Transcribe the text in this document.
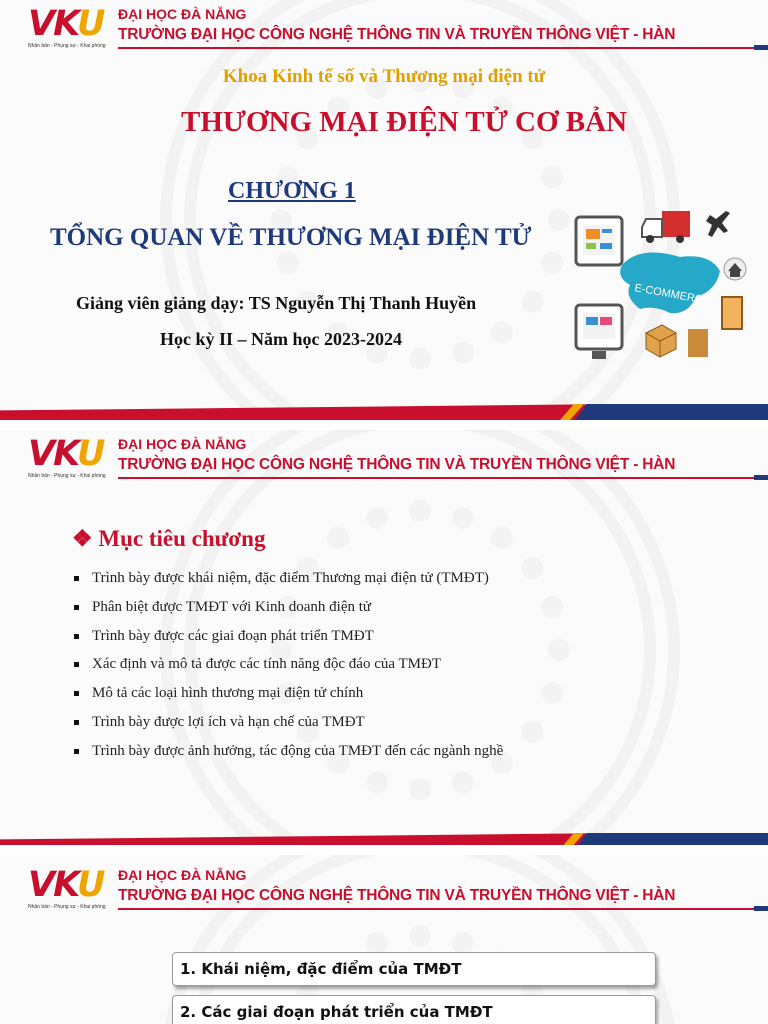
VKU
Nhân bản - Phụng sự - Khai phóng
ĐẠI HỌC ĐÀ NẴNG
TRƯỜNG ĐẠI HỌC CÔNG NGHỆ THÔNG TIN VÀ TRUYỀN THÔNG VIỆT - HÀN
Khoa Kinh tế số và Thương mại điện tử
THƯƠNG MẠI ĐIỆN TỬ CƠ BẢN
CHƯƠNG 1
TỔNG QUAN VỀ THƯƠNG MẠI ĐIỆN TỬ
Giảng viên giảng dạy: TS Nguyễn Thị Thanh Huyền
Học kỳ II – Năm học 2023-2024
E-COMMERCE
VKU
Nhân bản - Phụng sự - Khai phóng
ĐẠI HỌC ĐÀ NẴNG
TRƯỜNG ĐẠI HỌC CÔNG NGHỆ THÔNG TIN VÀ TRUYỀN THÔNG VIỆT - HÀN
❖ Mục tiêu chương
Trình bày được khái niệm, đặc điểm Thương mại điện tử (TMĐT)
Phân biệt được TMĐT với Kinh doanh điện tử
Trình bày được các giai đoạn phát triển TMĐT
Xác định và mô tả được các tính năng độc đáo của TMĐT
Mô tả các loại hình thương mại điện tử chính
Trình bày được lợi ích và hạn chế của TMĐT
Trình bày được ảnh hưởng, tác động của TMĐT đến các ngành nghề
VKU
Nhân bản - Phụng sự - Khai phóng
ĐẠI HỌC ĐÀ NẴNG
TRƯỜNG ĐẠI HỌC CÔNG NGHỆ THÔNG TIN VÀ TRUYỀN THÔNG VIỆT - HÀN
1. Khái niệm, đặc điểm của TMĐT
2. Các giai đoạn phát triển của TMĐT
